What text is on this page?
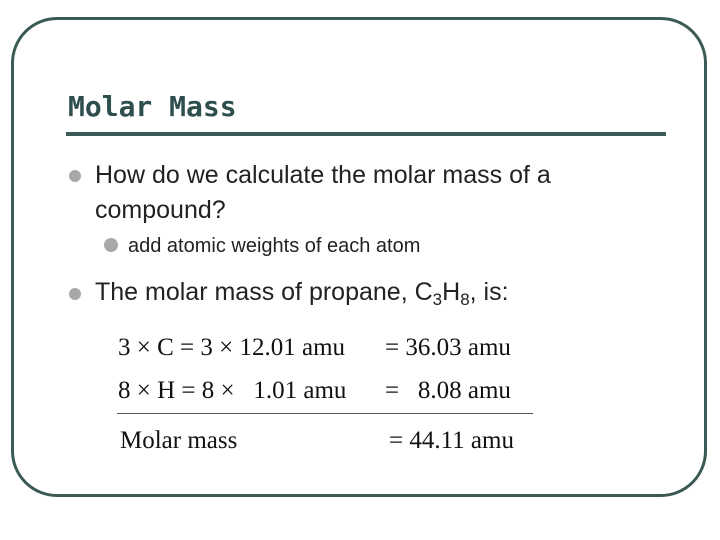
Molar Mass

How do we calculate the molar mass of a compound?

add atomic weights of each atom

The molar mass of propane, $C_3H_8$, is:

3 × C = 3 × 12.01 amu = 36.03 amu
8 × H = 8 ×   1.01 amu =   8.08 amu
Molar mass	= 44.11 amu
